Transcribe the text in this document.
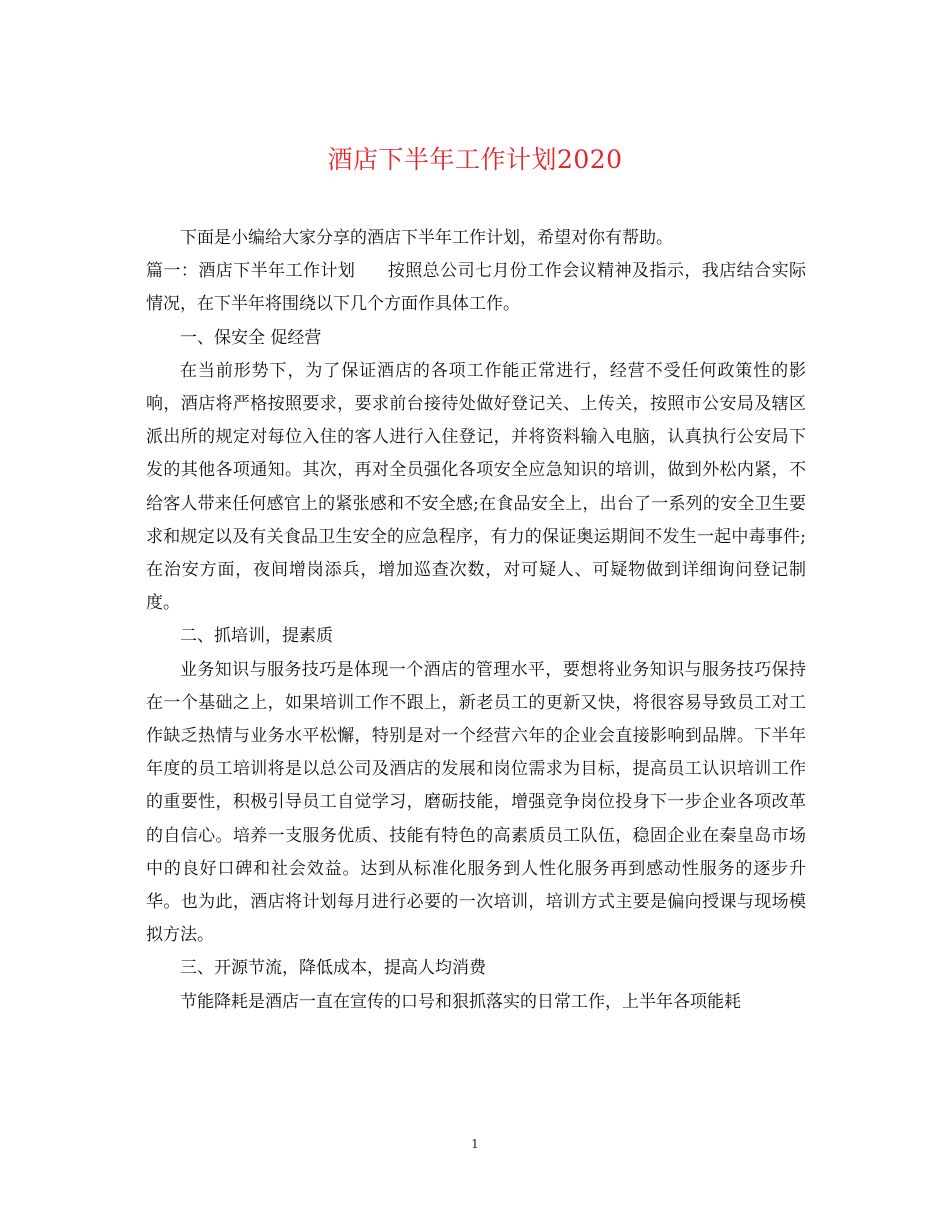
酒店下半年工作计划2020

下面是小编给大家分享的酒店下半年工作计划，希望对你有帮助。

篇一：酒店下半年工作计划 按照总公司七月份工作会议精神及指示，我店结合实际情况，在下半年将围绕以下几个方面作具体工作。

一、保安全 促经营

在当前形势下，为了保证酒店的各项工作能正常进行，经营不受任何政策性的影响，酒店将严格按照要求，要求前台接待处做好登记关、上传关，按照市公安局及辖区派出所的规定对每位入住的客人进行入住登记，并将资料输入电脑，认真执行公安局下发的其他各项通知。其次，再对全员强化各项安全应急知识的培训，做到外松内紧，不给客人带来任何感官上的紧张感和不安全感;在食品安全上，出台了一系列的安全卫生要求和规定以及有关食品卫生安全的应急程序，有力的保证奥运期间不发生一起中毒事件;在治安方面，夜间增岗添兵，增加巡查次数，对可疑人、可疑物做到详细询问登记制度。

二、抓培训，提素质

业务知识与服务技巧是体现一个酒店的管理水平，要想将业务知识与服务技巧保持在一个基础之上，如果培训工作不跟上，新老员工的更新又快，将很容易导致员工对工作缺乏热情与业务水平松懈，特别是对一个经营六年的企业会直接影响到品牌。下半年年度的员工培训将是以总公司及酒店的发展和岗位需求为目标，提高员工认识培训工作的重要性，积极引导员工自觉学习，磨砺技能，增强竞争岗位投身下一步企业各项改革的自信心。培养一支服务优质、技能有特色的高素质员工队伍，稳固企业在秦皇岛市场中的良好口碑和社会效益。达到从标准化服务到人性化服务再到感动性服务的逐步升华。也为此，酒店将计划每月进行必要的一次培训，培训方式主要是偏向授课与现场模拟方法。

三、开源节流，降低成本，提高人均消费

节能降耗是酒店一直在宣传的口号和狠抓落实的日常工作，上半年各项能耗

1
